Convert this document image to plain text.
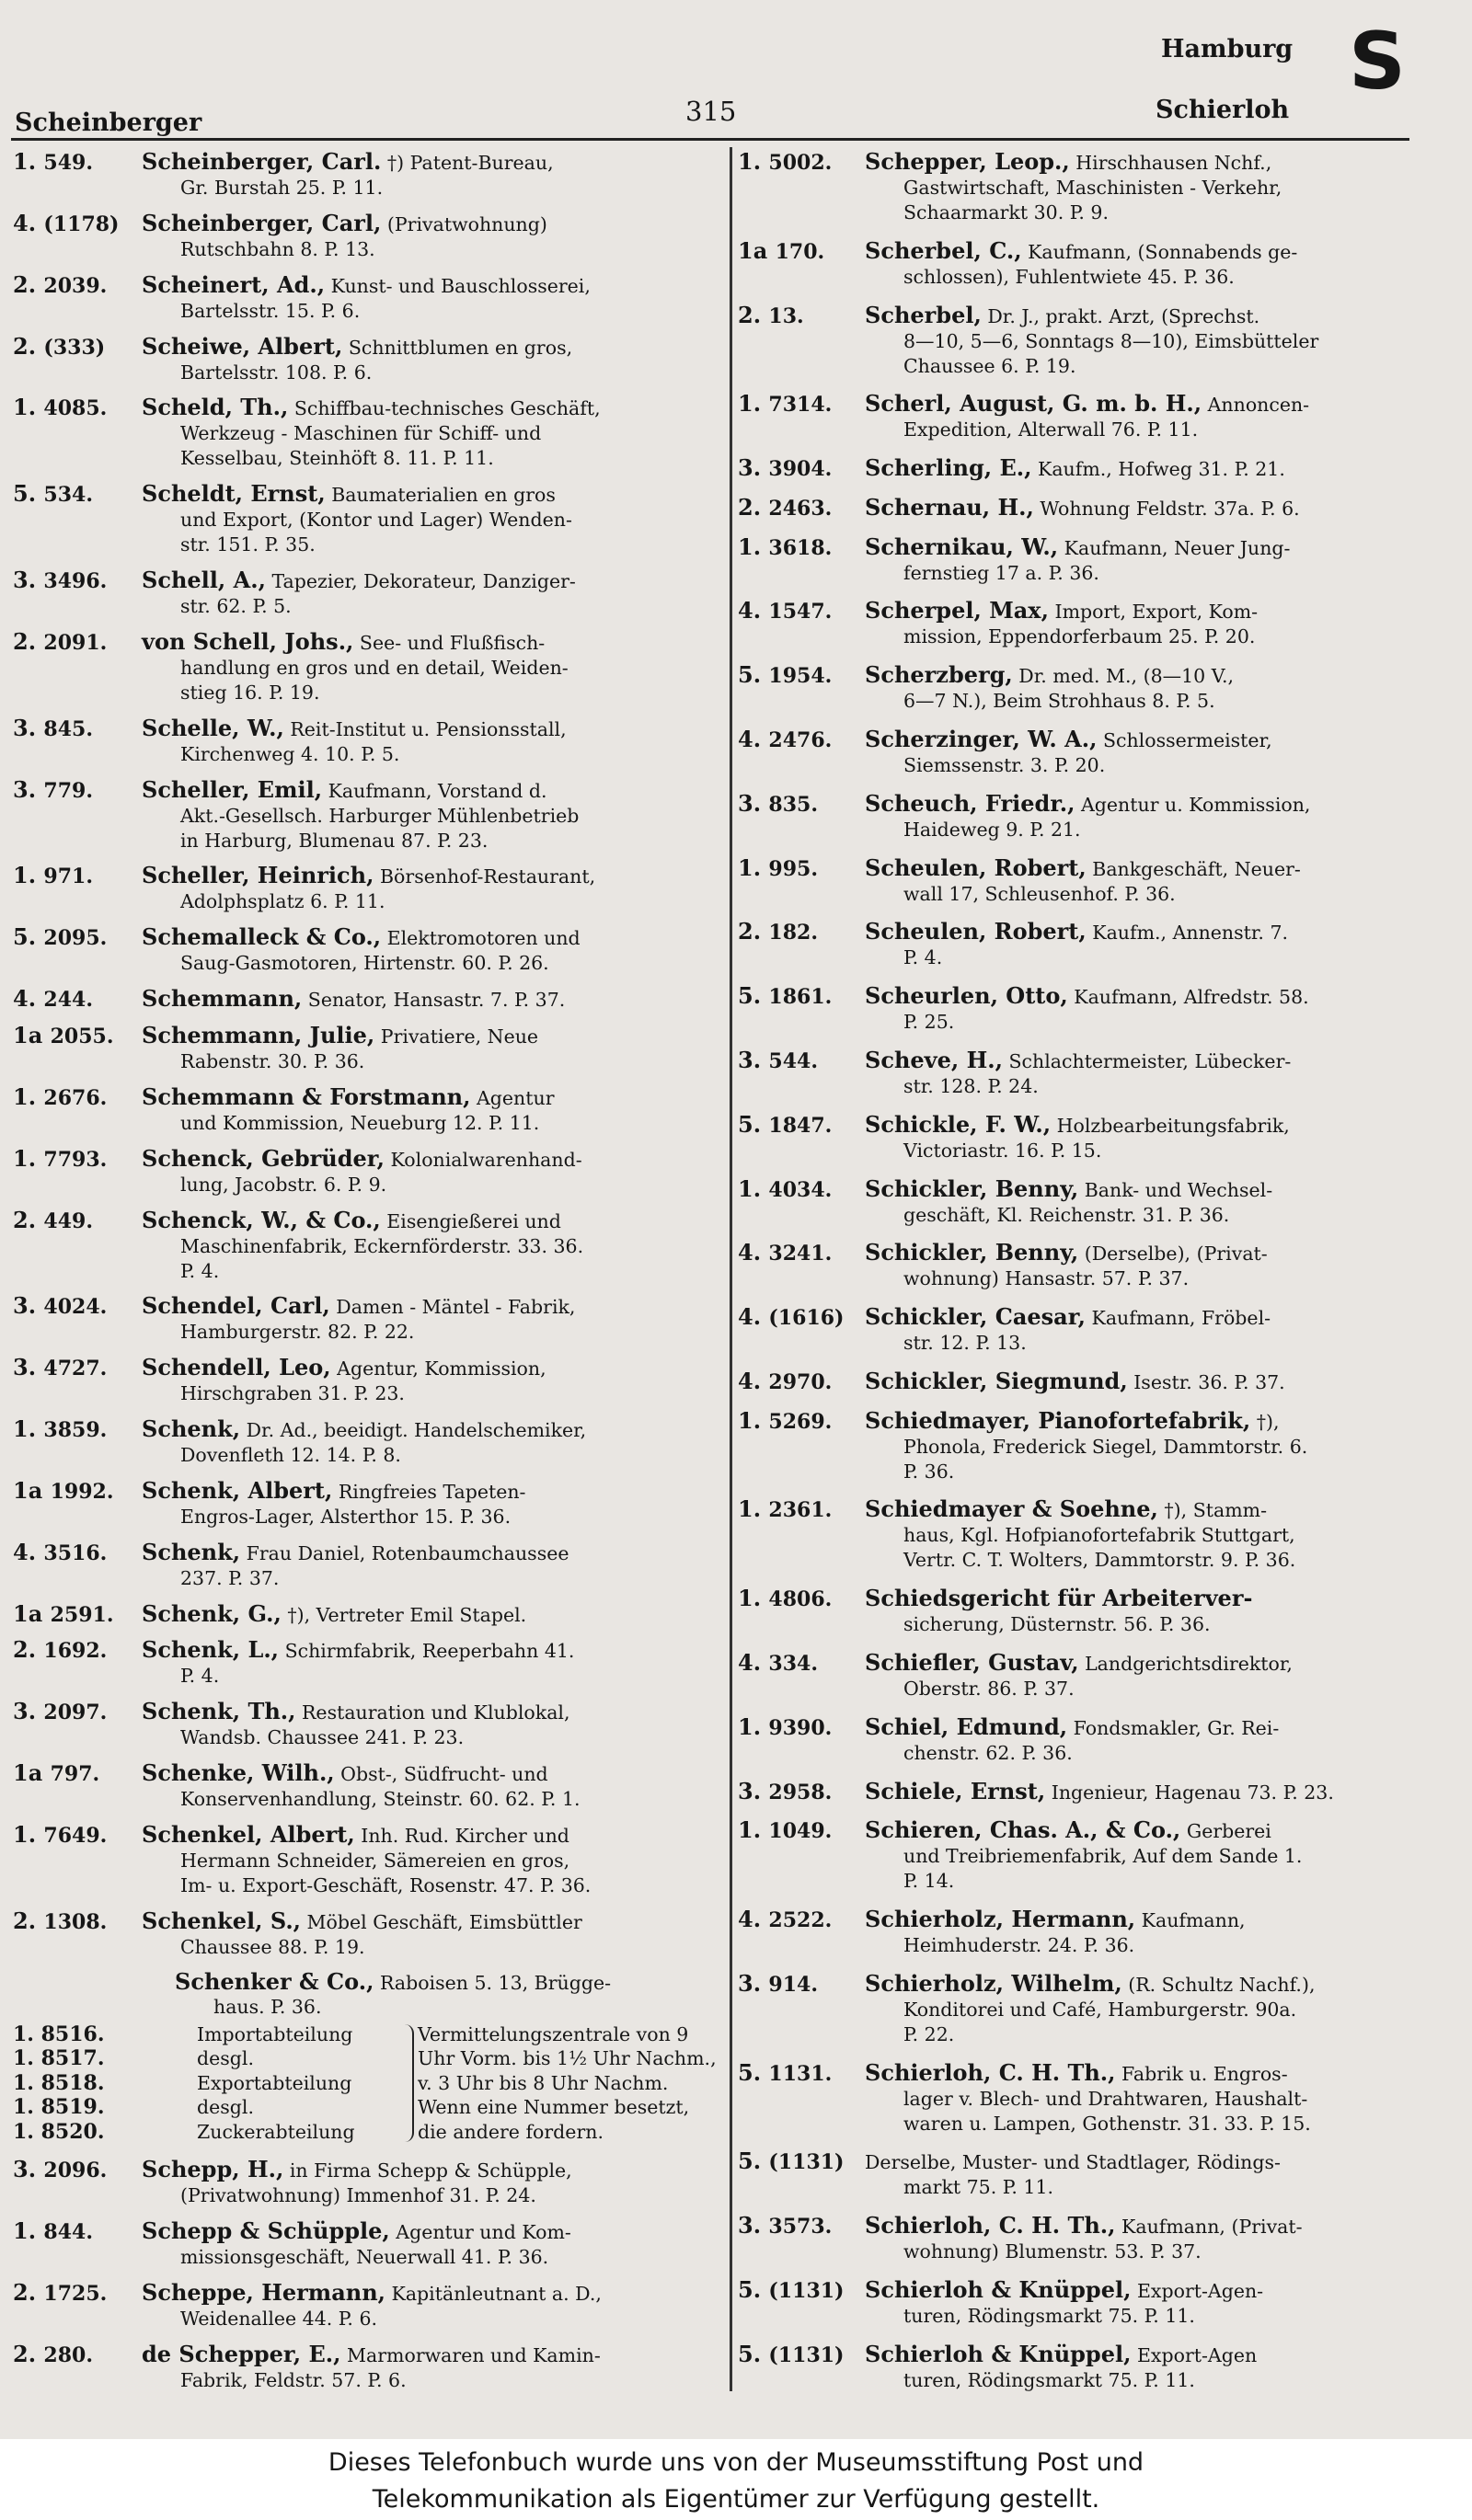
Scheinberger	315
Hamburg
Schierloh
S
1. 549. Scheinberger, Carl. †) Patent-Bureau,
Gr. Burstah 25. P. 11.
4. (1178) Scheinberger, Carl, (Privatwohnung)
Rutschbahn 8. P. 13.
2. 2039. Scheinert, Ad., Kunst- und Bauschlosserei,
Bartelsstr. 15. P. 6.
2. (333) Scheiwe, Albert, Schnittblumen en gros,
Bartelsstr. 108. P. 6.
1. 4085. Scheld, Th., Schiffbau-technisches Geschäft,
Werkzeug - Maschinen für Schiff- und
Kesselbau, Steinhöft 8. 11. P. 11.
5. 534. Scheldt, Ernst, Baumaterialien en gros
und Export, (Kontor und Lager) Wenden-
str. 151. P. 35.
3. 3496. Schell, A., Tapezier, Dekorateur, Danziger-
str. 62. P. 5.
2. 2091. von Schell, Johs., See- und Flußfisch-
handlung en gros und en detail, Weiden-
stieg 16. P. 19.
3. 845. Schelle, W., Reit-Institut u. Pensionsstall,
Kirchenweg 4. 10. P. 5.
3. 779. Scheller, Emil, Kaufmann, Vorstand d.
Akt.-Gesellsch. Harburger Mühlenbetrieb
in Harburg, Blumenau 87. P. 23.
1. 971. Scheller, Heinrich, Börsenhof-Restaurant,
Adolphsplatz 6. P. 11.
5. 2095. Schemalleck & Co., Elektromotoren und
Saug-Gasmotoren, Hirtenstr. 60. P. 26.
4. 244. Schemmann, Senator, Hansastr. 7. P. 37.
1a 2055. Schemmann, Julie, Privatiere, Neue
Rabenstr. 30. P. 36.
1. 2676. Schemmann & Forstmann, Agentur
und Kommission, Neueburg 12. P. 11.
1. 7793. Schenck, Gebrüder, Kolonialwarenhand-
lung, Jacobstr. 6. P. 9.
2. 449. Schenck, W., & Co., Eisengießerei und
Maschinenfabrik, Eckernförderstr. 33. 36.
P. 4.
3. 4024. Schendel, Carl, Damen - Mäntel - Fabrik,
Hamburgerstr. 82. P. 22.
3. 4727. Schendell, Leo, Agentur, Kommission,
Hirschgraben 31. P. 23.
1. 3859. Schenk, Dr. Ad., beeidigt. Handelschemiker,
Dovenfleth 12. 14. P. 8.
1a 1992. Schenk, Albert, Ringfreies Tapeten-
Engros-Lager, Alsterthor 15. P. 36.
4. 3516. Schenk, Frau Daniel, Rotenbaumchaussee
237. P. 37.
1a 2591. Schenk, G., †), Vertreter Emil Stapel.
2. 1692. Schenk, L., Schirmfabrik, Reeperbahn 41.
P. 4.
3. 2097. Schenk, Th., Restauration und Klublokal,
Wandsb. Chaussee 241. P. 23.
1a 797. Schenke, Wilh., Obst-, Südfrucht- und
Konservenhandlung, Steinstr. 60. 62. P. 1.
1. 7649. Schenkel, Albert, Inh. Rud. Kircher und
Hermann Schneider, Sämereien en gros,
Im- u. Export-Geschäft, Rosenstr. 47. P. 36.
2. 1308. Schenkel, S., Möbel Geschäft, Eimsbüttler
Chaussee 88. P. 19.
Schenker & Co., Raboisen 5. 13, Brügge-
haus. P. 36.
1. 8516.	Importabteilung
1. 8517.	desgl.
1. 8518.	Exportabteilung
1. 8519.	desgl.
1. 8520.	Zuckerabteilung
Vermittelungszentrale von 9 Uhr Vorm. bis 1½ Uhr Nachm., v. 3 Uhr bis 8 Uhr Nachm. Wenn eine Nummer besetzt, die andere fordern.
3. 2096. Schepp, H., in Firma Schepp & Schüpple,
(Privatwohnung) Immenhof 31. P. 24.
1. 844. Schepp & Schüpple, Agentur und Kom-
missionsgeschäft, Neuerwall 41. P. 36.
2. 1725. Scheppe, Hermann, Kapitänleutnant a. D.,
Weidenallee 44. P. 6.
2. 280. de Schepper, E., Marmorwaren und Kamin-
Fabrik, Feldstr. 57. P. 6.
1. 5002. Schepper, Leop., Hirschhausen Nchf.,
Gastwirtschaft, Maschinisten - Verkehr,
Schaarmarkt 30. P. 9.
1a 170. Scherbel, C., Kaufmann, (Sonnabends ge-
schlossen), Fuhlentwiete 45. P. 36.
2. 13.	Scherbel, Dr. J., prakt. Arzt, (Sprechst.
8—10, 5—6, Sonntags 8—10), Eimsbütteler
Chaussee 6. P. 19.
1. 7314. Scherl, August, G. m. b. H., Annoncen-
Expedition, Alterwall 76. P. 11.
3. 3904. Scherling, E., Kaufm., Hofweg 31. P. 21.
2. 2463. Schernau, H., Wohnung Feldstr. 37a. P. 6.
1. 3618. Schernikau, W., Kaufmann, Neuer Jung-
fernstieg 17 a. P. 36.
4. 1547. Scherpel, Max, Import, Export, Kom-
mission, Eppendorferbaum 25. P. 20.
5. 1954. Scherzberg, Dr. med. M., (8—10 V.,
6—7 N.), Beim Strohhaus 8. P. 5.
4. 2476. Scherzinger, W. A., Schlossermeister,
Siemssenstr. 3. P. 20.
3. 835. Scheuch, Friedr., Agentur u. Kommission,
Haideweg 9. P. 21.
1. 995. Scheulen, Robert, Bankgeschäft, Neuer-
wall 17, Schleusenhof. P. 36.
2. 182. Scheulen, Robert, Kaufm., Annenstr. 7.
P. 4.
5. 1861. Scheurlen, Otto, Kaufmann, Alfredstr. 58.
P. 25.
3. 544. Scheve, H., Schlachtermeister, Lübecker-
str. 128. P. 24.
5. 1847. Schickle, F. W., Holzbearbeitungsfabrik,
Victoriastr. 16. P. 15.
1. 4034. Schickler, Benny, Bank- und Wechsel-
geschäft, Kl. Reichenstr. 31. P. 36.
4. 3241. Schickler, Benny, (Derselbe), (Privat-
wohnung) Hansastr. 57. P. 37.
4. (1616) Schickler, Caesar, Kaufmann, Fröbel-
str. 12. P. 13.
4. 2970. Schickler, Siegmund, Isestr. 36. P. 37.
1. 5269. Schiedmayer, Pianofortefabrik, †),
Phonola, Frederick Siegel, Dammtorstr. 6.
P. 36.
1. 2361. Schiedmayer & Soehne, †), Stamm-
haus, Kgl. Hofpianofortefabrik Stuttgart,
Vertr. C. T. Wolters, Dammtorstr. 9. P. 36.
1. 4806. Schiedsgericht für Arbeiterver-
sicherung, Düsternstr. 56. P. 36.
4. 334. Schiefler, Gustav, Landgerichtsdirektor,
Oberstr. 86. P. 37.
1. 9390. Schiel, Edmund, Fondsmakler, Gr. Rei-
chenstr. 62. P. 36.
3. 2958. Schiele, Ernst, Ingenieur, Hagenau 73. P. 23.
1. 1049. Schieren, Chas. A., & Co., Gerberei
und Treibriemenfabrik, Auf dem Sande 1.
P. 14.
4. 2522. Schierholz, Hermann, Kaufmann,
Heimhuderstr. 24. P. 36.
3. 914. Schierholz, Wilhelm, (R. Schultz Nachf.),
Konditorei und Café, Hamburgerstr. 90a.
P. 22.
5. 1131. Schierloh, C. H. Th., Fabrik u. Engros-
lager v. Blech- und Drahtwaren, Haushalt-
waren u. Lampen, Gothenstr. 31. 33. P. 15.
5. (1131) Derselbe, Muster- und Stadtlager, Rödings-
markt 75. P. 11.
3. 3573. Schierloh, C. H. Th., Kaufmann, (Privat-
wohnung) Blumenstr. 53. P. 37.
5. (1131) Schierloh & Knüppel, Export-Agen-
turen, Rödingsmarkt 75. P. 11.
5. (1131) Schierloh & Knüppel, Export-Agen
turen, Rödingsmarkt 75. P. 11.
Dieses Telefonbuch wurde uns von der Museumsstiftung Post und
Telekommunikation als Eigentümer zur Verfügung gestellt.
